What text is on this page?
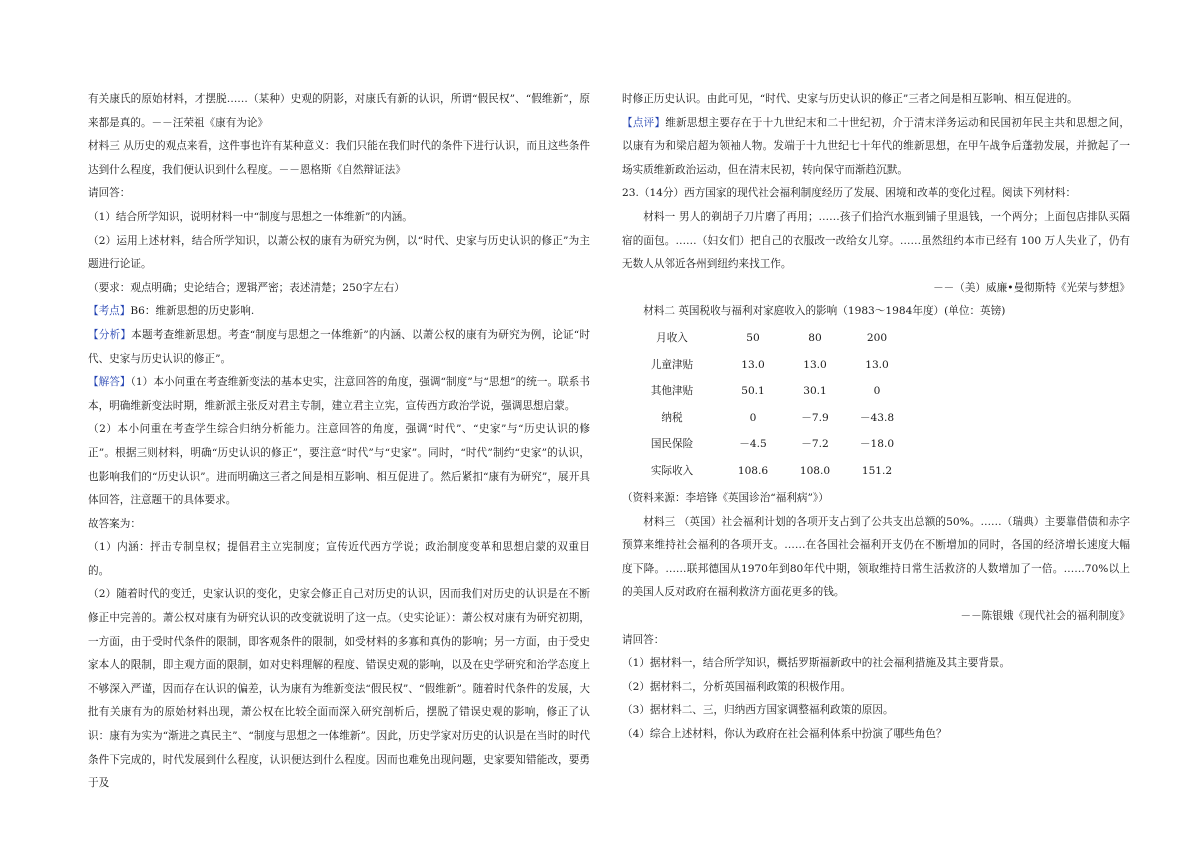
有关康氏的原始材料，才摆脱……（某种）史观的阴影，对康氏有新的认识，所谓“假民权”、“假维新”，原来都是真的。－－汪荣祖《康有为论》

材料三 从历史的观点来看，这件事也许有某种意义：我们只能在我们时代的条件下进行认识，而且这些条件达到什么程度，我们便认识到什么程度。－－恩格斯《自然辩证法》

请回答：

（1）结合所学知识，说明材料一中“制度与思想之一体维新”的内涵。

（2）运用上述材料，结合所学知识，以萧公权的康有为研究为例，以“时代、史家与历史认识的修正”为主题进行论证。

（要求：观点明确；史论结合；逻辑严密；表述清楚；250字左右）

【考点】B6：维新思想的历史影响.

【分析】本题考查维新思想。考查“制度与思想之一体维新”的内涵、以萧公权的康有为研究为例，论证“时代、史家与历史认识的修正”。

【解答】（1）本小问重在考查维新变法的基本史实，注意回答的角度，强调“制度”与“思想”的统一。联系书本，明确维新变法时期，维新派主张反对君主专制，建立君主立宪，宣传西方政治学说，强调思想启蒙。

（2）本小问重在考查学生综合归纳分析能力。注意回答的角度，强调“时代”、“史家”与“历史认识的修正”。根据三则材料，明确“历史认识的修正”，要注意“时代”与“史家”。同时，“时代”制约“史家”的认识，也影响我们的“历史认识”。进而明确这三者之间是相互影响、相互促进了。然后紧扣“康有为研究”，展开具体回答，注意题干的具体要求。

故答案为：

（1）内涵：抨击专制皇权；提倡君主立宪制度；宣传近代西方学说；政治制度变革和思想启蒙的双重目的。

（2）随着时代的变迁，史家认识的变化，史家会修正自己对历史的认识，因而我们对历史的认识是在不断修正中完善的。萧公权对康有为研究认识的改变就说明了这一点。（史实论证）：萧公权对康有为研究初期，一方面，由于受时代条件的限制，即客观条件的限制，如受材料的多寡和真伪的影响；另一方面，由于受史家本人的限制，即主观方面的限制，如对史料理解的程度、错误史观的影响，以及在史学研究和治学态度上不够深入严谨，因而存在认识的偏差，认为康有为维新变法“假民权”、“假维新”。随着时代条件的发展，大批有关康有为的原始材料出现，萧公权在比较全面而深入研究剖析后，摆脱了错误史观的影响，修正了认识：康有为实为“渐进之真民主”、“制度与思想之一体维新”。因此，历史学家对历史的认识是在当时的时代条件下完成的，时代发展到什么程度，认识便达到什么程度。因而也难免出现问题，史家要知错能改，要勇于及

时修正历史认识。由此可见，“时代、史家与历史认识的修正”三者之间是相互影响、相互促进的。

【点评】维新思想主要存在于十九世纪末和二十世纪初，介于清末洋务运动和民国初年民主共和思想之间，以康有为和梁启超为领袖人物。发端于十九世纪七十年代的维新思想，在甲午战争后蓬勃发展，并掀起了一场实质维新政治运动，但在清末民初，转向保守而渐趋沉默。

23.（14分）西方国家的现代社会福利制度经历了发展、困境和改革的变化过程。阅读下列材料：

材料一 男人的剃胡子刀片磨了再用；……孩子们拾汽水瓶到铺子里退钱，一个两分；上面包店排队买隔宿的面包。……（妇女们）把自己的衣服改一改给女儿穿。……虽然纽约本市已经有 100 万人失业了，仍有无数人从邻近各州到纽约来找工作。

－－（美）威廉•曼彻斯特《光荣与梦想》

材料二 英国税收与福利对家庭收入的影响（1983～1984年度）(单位：英镑)

月收入	50	80	200
儿童津贴	13.0	13.0	13.0
其他津贴	50.1	30.1	0
纳税	0	－7.9	－43.8
国民保险	－4.5	－7.2	－18.0
实际收入	108.6	108.0	151.2

（资料来源：李培锋《英国诊治“福利病”》）

材料三 （英国）社会福利计划的各项开支占到了公共支出总额的50%。……（瑞典）主要靠借债和赤字预算来维持社会福利的各项开支。……在各国社会福利开支仍在不断增加的同时，各国的经济增长速度大幅度下降。……联邦德国从1970年到80年代中期，领取维持日常生活救济的人数增加了一倍。……70%以上的美国人反对政府在福利救济方面花更多的钱。

－－陈银娥《现代社会的福利制度》

请回答：

（1）据材料一，结合所学知识，概括罗斯福新政中的社会福利措施及其主要背景。

（2）据材料二，分析英国福利政策的积极作用。

（3）据材料二、三，归纳西方国家调整福利政策的原因。

（4）综合上述材料，你认为政府在社会福利体系中扮演了哪些角色？
